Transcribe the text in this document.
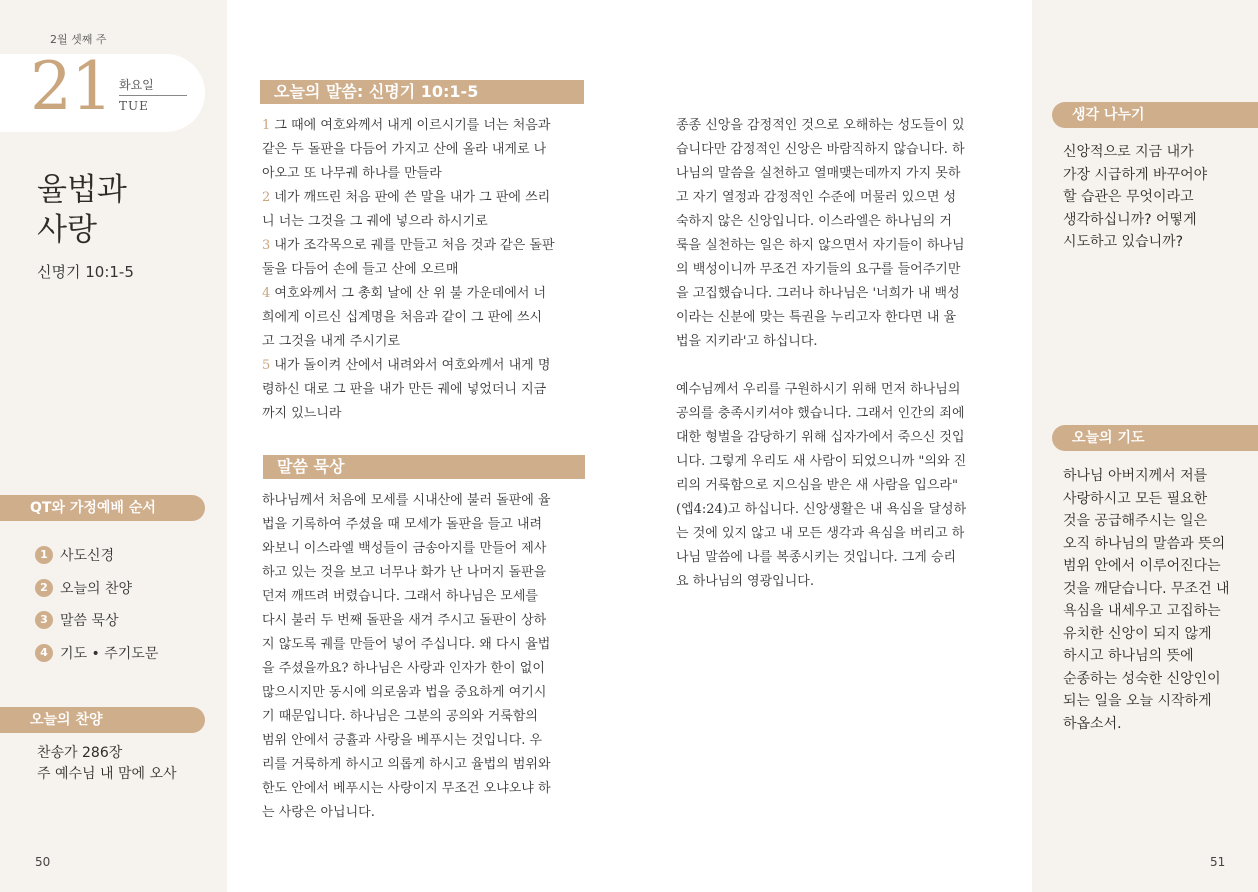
2월 셋째 주
21 화요일
TUE
율법과
사랑
신명기 10:1-5
QT와 가정예배 순서
1 사도신경
2 오늘의 찬양
3 말씀 묵상
4 기도 • 주기도문
오늘의 찬양
찬송가 286장
주 예수님 내 맘에 오사
50
오늘의 말씀: 신명기 10:1-5
1 그 때에 여호와께서 내게 이르시기를 너는 처음과
같은 두 돌판을 다듬어 가지고 산에 올라 내게로 나
아오고 또 나무궤 하나를 만들라
2 네가 깨뜨린 처음 판에 쓴 말을 내가 그 판에 쓰리
니 너는 그것을 그 궤에 넣으라 하시기로
3 내가 조각목으로 궤를 만들고 처음 것과 같은 돌판
둘을 다듬어 손에 들고 산에 오르매
4 여호와께서 그 총회 날에 산 위 불 가운데에서 너
희에게 이르신 십계명을 처음과 같이 그 판에 쓰시
고 그것을 내게 주시기로
5 내가 돌이켜 산에서 내려와서 여호와께서 내게 명
령하신 대로 그 판을 내가 만든 궤에 넣었더니 지금
까지 있느니라
말씀 묵상
하나님께서 처음에 모세를 시내산에 불러 돌판에 율
법을 기록하여 주셨을 때 모세가 돌판을 들고 내려
와보니 이스라엘 백성들이 금송아지를 만들어 제사
하고 있는 것을 보고 너무나 화가 난 나머지 돌판을
던져 깨뜨려 버렸습니다. 그래서 하나님은 모세를
다시 불러 두 번째 돌판을 새겨 주시고 돌판이 상하
지 않도록 궤를 만들어 넣어 주십니다. 왜 다시 율법
을 주셨을까요? 하나님은 사랑과 인자가 한이 없이
많으시지만 동시에 의로움과 법을 중요하게 여기시
기 때문입니다. 하나님은 그분의 공의와 거룩함의
범위 안에서 긍휼과 사랑을 베푸시는 것입니다. 우
리를 거룩하게 하시고 의롭게 하시고 율법의 범위와
한도 안에서 베푸시는 사랑이지 무조건 오냐오냐 하
는 사랑은 아닙니다.
종종 신앙을 감정적인 것으로 오해하는 성도들이 있
습니다만 감정적인 신앙은 바람직하지 않습니다. 하
나님의 말씀을 실천하고 열매맺는데까지 가지 못하
고 자기 열정과 감정적인 수준에 머물러 있으면 성
숙하지 않은 신앙입니다. 이스라엘은 하나님의 거
룩을 실천하는 일은 하지 않으면서 자기들이 하나님
의 백성이니까 무조건 자기들의 요구를 들어주기만
을 고집했습니다. 그러나 하나님은 '너희가 내 백성
이라는 신분에 맞는 특권을 누리고자 한다면 내 율
법을 지키라'고 하십니다.
예수님께서 우리를 구원하시기 위해 먼저 하나님의
공의를 충족시키셔야 했습니다. 그래서 인간의 죄에
대한 형벌을 감당하기 위해 십자가에서 죽으신 것입
니다. 그렇게 우리도 새 사람이 되었으니까 "의와 진
리의 거룩함으로 지으심을 받은 새 사람을 입으라"
(엡4:24)고 하십니다. 신앙생활은 내 욕심을 달성하
는 것에 있지 않고 내 모든 생각과 욕심을 버리고 하
나님 말씀에 나를 복종시키는 것입니다. 그게 승리
요 하나님의 영광입니다.
생각 나누기
신앙적으로 지금 내가
가장 시급하게 바꾸어야
할 습관은 무엇이라고
생각하십니까? 어떻게
시도하고 있습니까?
오늘의 기도
하나님 아버지께서 저를
사랑하시고 모든 필요한
것을 공급해주시는 일은
오직 하나님의 말씀과 뜻의
범위 안에서 이루어진다는
것을 깨닫습니다. 무조건 내
욕심을 내세우고 고집하는
유치한 신앙이 되지 않게
하시고 하나님의 뜻에
순종하는 성숙한 신앙인이
되는 일을 오늘 시작하게
하옵소서.
51
